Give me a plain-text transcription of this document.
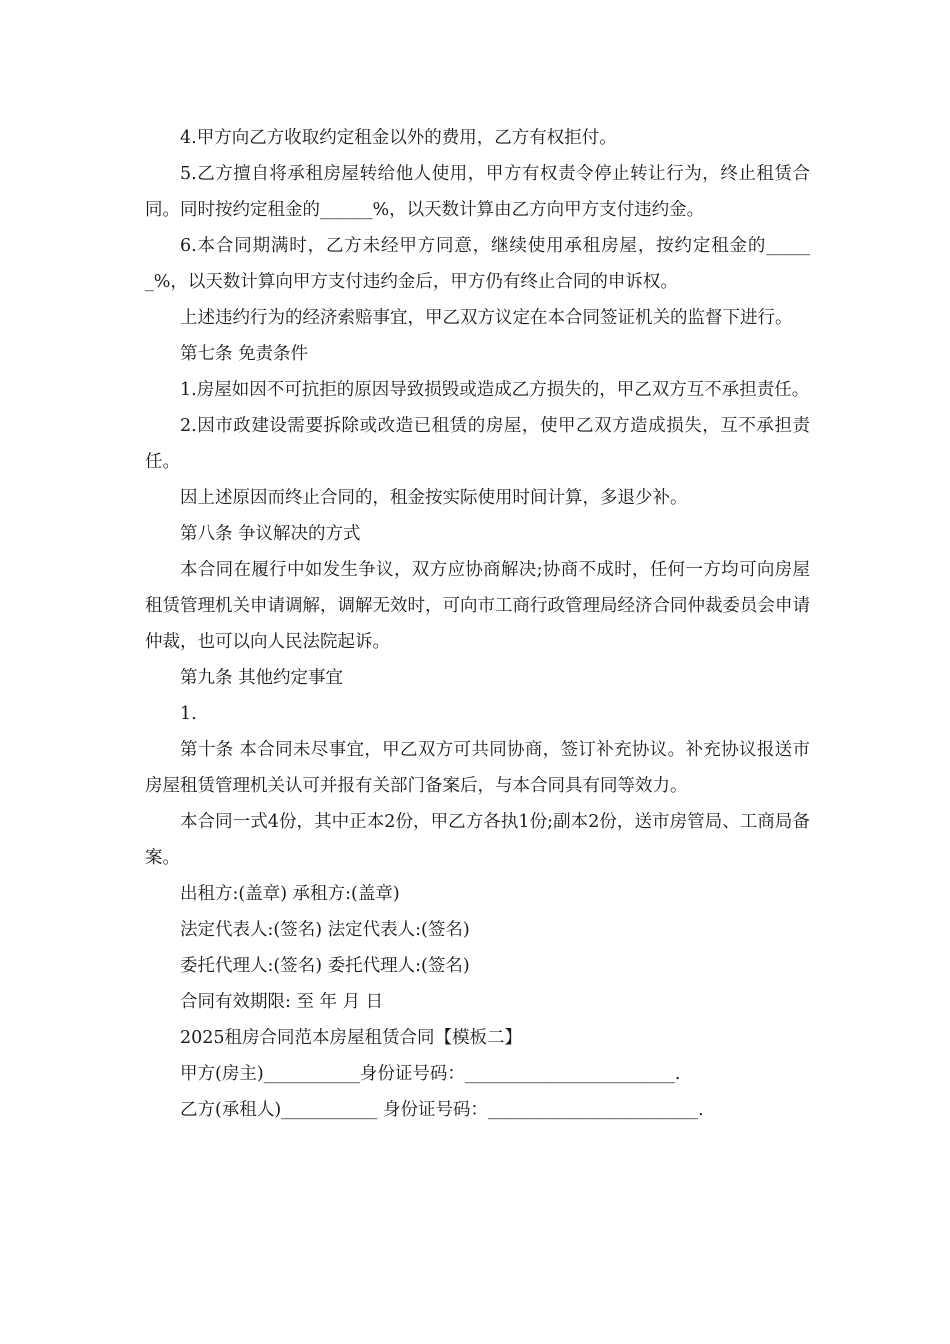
4.甲方向乙方收取约定租金以外的费用，乙方有权拒付。

5.乙方擅自将承租房屋转给他人使用，甲方有权责令停止转让行为，终止租赁合同。同时按约定租金的______%，以天数计算由乙方向甲方支付违约金。

6.本合同期满时，乙方未经甲方同意，继续使用承租房屋，按约定租金的______%，以天数计算向甲方支付违约金后，甲方仍有终止合同的申诉权。

上述违约行为的经济索赔事宜，甲乙双方议定在本合同签证机关的监督下进行。

第七条 免责条件

1.房屋如因不可抗拒的原因导致损毁或造成乙方损失的，甲乙双方互不承担责任。

2.因市政建设需要拆除或改造已租赁的房屋，使甲乙双方造成损失，互不承担责任。

因上述原因而终止合同的，租金按实际使用时间计算，多退少补。

第八条 争议解决的方式

本合同在履行中如发生争议，双方应协商解决;协商不成时，任何一方均可向房屋租赁管理机关申请调解，调解无效时，可向市工商行政管理局经济合同仲裁委员会申请仲裁，也可以向人民法院起诉。

第九条 其他约定事宜

1.

第十条 本合同未尽事宜，甲乙双方可共同协商，签订补充协议。补充协议报送市房屋租赁管理机关认可并报有关部门备案后，与本合同具有同等效力。

本合同一式4份，其中正本2份，甲乙方各执1份;副本2份，送市房管局、工商局备案。

出租方:(盖章) 承租方:(盖章)

法定代表人:(签名) 法定代表人:(签名)

委托代理人:(签名) 委托代理人:(签名)

合同有效期限: 至 年 月 日

2025租房合同范本房屋租赁合同【模板二】

甲方(房主)___________身份证号码：________________________.

乙方(承租人)___________ 身份证号码：________________________.
